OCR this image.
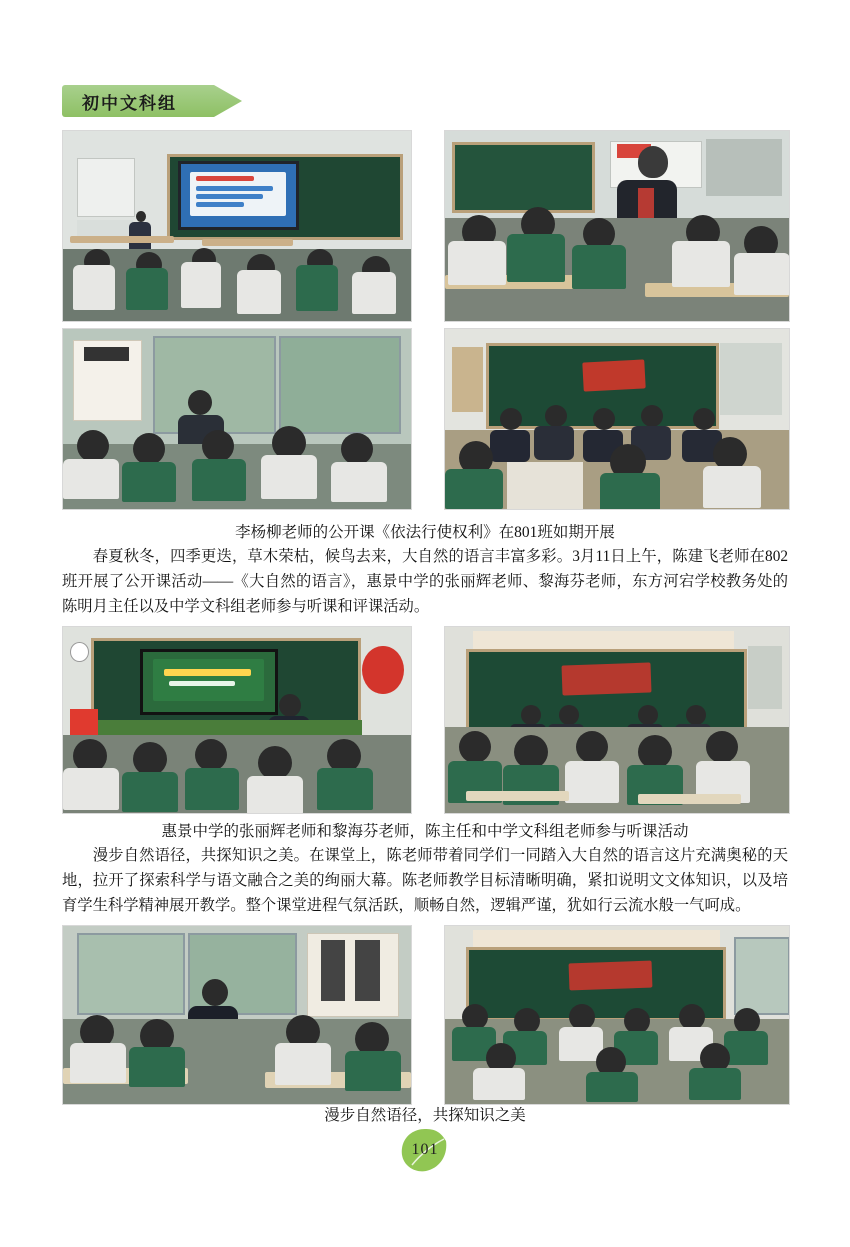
初中文科组
李杨柳老师的公开课《依法行使权利》在801班如期开展
春夏秋冬，四季更迭，草木荣枯，候鸟去来，大自然的语言丰富多彩。3月11日上午，陈建飞老师在802班开展了公开课活动——《大自然的语言》，惠景中学的张丽辉老师、黎海芬老师，东方河宕学校教务处的陈明月主任以及中学文科组老师参与听课和评课活动。
惠景中学的张丽辉老师和黎海芬老师，陈主任和中学文科组老师参与听课活动
漫步自然语径，共探知识之美。在课堂上，陈老师带着同学们一同踏入大自然的语言这片充满奥秘的天地，拉开了探索科学与语文融合之美的绚丽大幕。陈老师教学目标清晰明确，紧扣说明文文体知识，以及培育学生科学精神展开教学。整个课堂进程气氛活跃，顺畅自然，逻辑严谨，犹如行云流水般一气呵成。
漫步自然语径，共探知识之美
101
